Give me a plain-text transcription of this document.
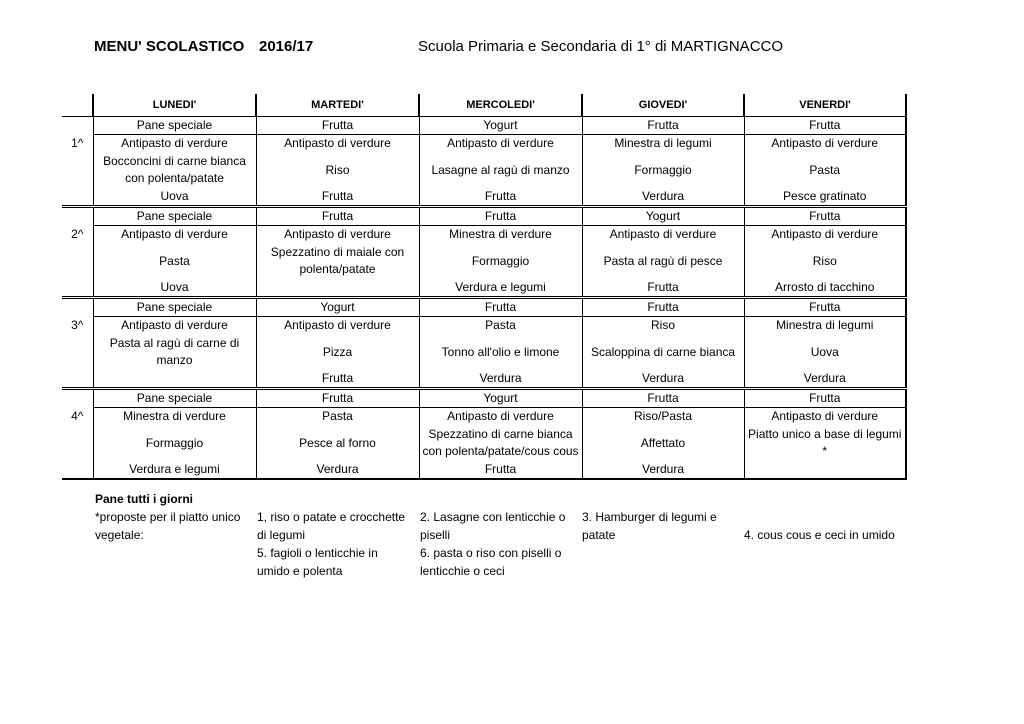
MENU' SCOLASTICO 2016/17	Scuola Primaria e Secondaria di 1° di MARTIGNACCO
	LUNEDI'	MARTEDI'	MERCOLEDI'	GIOVEDI'	VENERDI'
	Pane speciale	Frutta	Yogurt	Frutta	Frutta
1^	Antipasto di verdure	Antipasto di verdure	Antipasto di verdure	Minestra di legumi	Antipasto di verdure
	Bocconcini di carne bianca con polenta/patate	Riso	Lasagne al ragù di manzo	Formaggio	Pasta
	Uova	Frutta	Frutta	Verdura	Pesce gratinato
	Pane speciale	Frutta	Frutta	Yogurt	Frutta
2^	Antipasto di verdure	Antipasto di verdure	Minestra di verdure	Antipasto di verdure	Antipasto di verdure
	Pasta	Spezzatino di maiale con polenta/patate	Formaggio	Pasta al ragù di pesce	Riso
	Uova		Verdura e legumi	Frutta	Arrosto di tacchino
	Pane speciale	Yogurt	Frutta	Frutta	Frutta
3^	Antipasto di verdure	Antipasto di verdure	Pasta	Riso	Minestra di legumi
	Pasta al ragù di carne di manzo	Pizza	Tonno all'olio e limone	Scaloppina di carne bianca	Uova
		Frutta	Verdura	Verdura	Verdura
	Pane speciale	Frutta	Yogurt	Frutta	Frutta
4^	Minestra di verdure	Pasta	Antipasto di verdure	Riso/Pasta	Antipasto di verdure
	Formaggio	Pesce al forno	Spezzatino di carne bianca con polenta/patate/cous cous	Affettato	Piatto unico a base di legumi *
	Verdura e legumi	Verdura	Frutta	Verdura	
Pane tutti i giorni
*proposte per il piatto unico
vegetale:
1, riso o patate e crocchette
di legumi
5. fagioli o lenticchie in
umido e polenta
2. Lasagne con lenticchie o
piselli
6. pasta o riso con piselli o
lenticchie o ceci
3. Hamburger di legumi e
patate	4. cous cous e ceci in umido
